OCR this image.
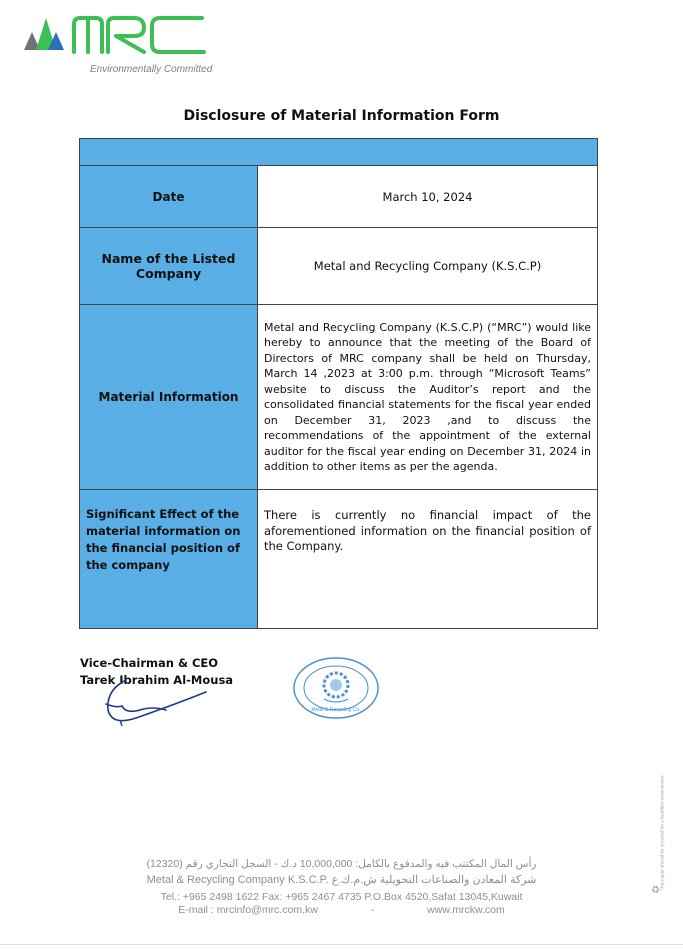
Environmentally Committed
Disclosure of Material Information Form

Date	March 10, 2024
Name of the Listed Company	Metal and Recycling Company (K.S.C.P)
Material Information	Metal and Recycling Company (K.S.C.P) (“MRC”) would like hereby to announce that the meeting of the Board of Directors of MRC company shall be held on Thursday, March 14 ,2023 at 3:00 p.m. through “Microsoft Teams” website to discuss the Auditor’s report and the consolidated financial statements for the fiscal year ended on December 31, 2023 ,and to discuss the recommendations of the appointment of the external auditor for the fiscal year ending on December 31, 2024 in addition to other items as per the agenda.
Significant Effect of the material information on the financial position of the company	There is currently no financial impact of the aforementioned information on the financial position of the Company.
Vice-Chairman & CEO
Tarek Ibrahim Al-Mousa
Metal & Recycling Co.
This paper should be recycled for a healthier environment.
♻
رأس المال المكتتب فيه والمدفوع بالكامل: 10,000,000 د.ك - السجل التجاري رقم (12320)
Metal & Recycling Company K.S.C.P. شركة المعادن والصناعات التحويلية ش.م.ك.ع
Tel.: +965 2498 1622 Fax: +965 2467 4735 P.O.Box 4520,Safat 13045,Kuwait
E-mail : mrcinfo@mrc.com.kw	-	www.mrckw.com
